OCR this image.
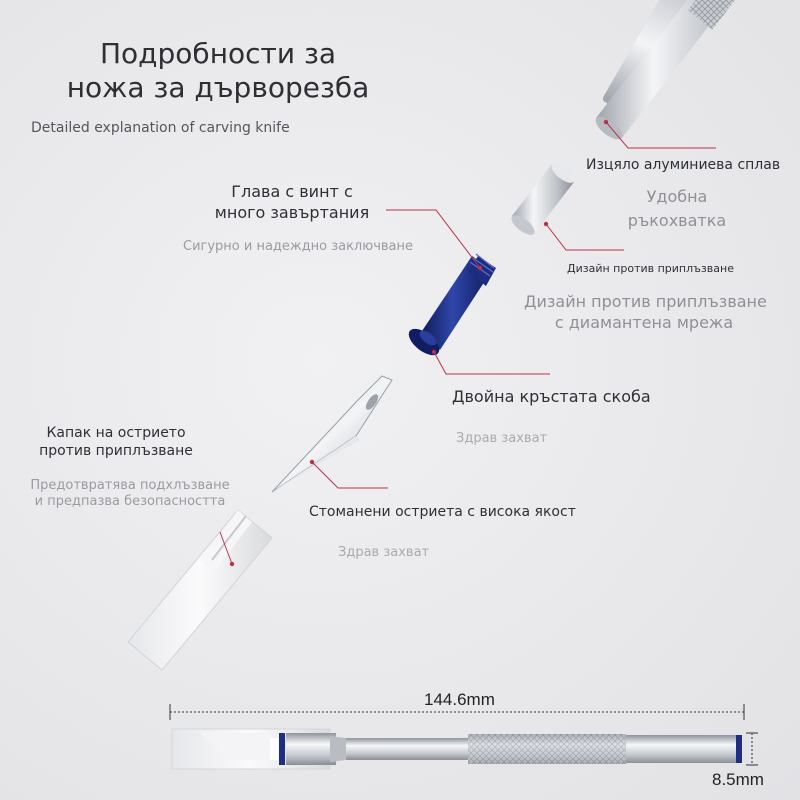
Подробности за

ножа за дърворезба

Detailed explanation of carving knife

Изцяло алуминиева сплав

Удобна

ръкохватка

Глава с винт с

много завъртания

Сигурно и надеждно заключване

Дизайн против приплъзване

Дизайн против приплъзване

с диамантена мрежа

Двойна кръстата скоба

Здрав захват

Капак на острието

против приплъзване

Предотвратява подхлъзване

и предпазва безопасността

Стоманени остриета с висока якост

Здрав захват

144.6mm

8.5mm
